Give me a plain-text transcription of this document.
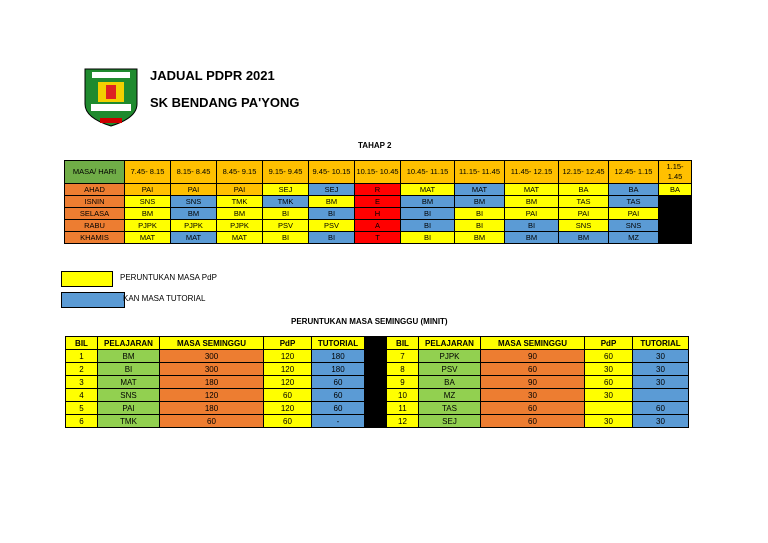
JADUAL PDPR 2021
SK BENDANG PA'YONG
TAHAP 2
MASA/ HARI	7.45- 8.15	8.15- 8.45	8.45- 9.15	9.15- 9.45	9.45- 10.15	10.15- 10.45	10.45- 11.15	11.15- 11.45	11.45- 12.15	12.15- 12.45	12.45- 1.15	1.15- 1.45
AHAD	PAI	PAI	PAI	SEJ	SEJ	R	MAT	MAT	MAT	BA	BA	BA
ISNIN	SNS	SNS	TMK	TMK	BM	E	BM	BM	BM	TAS	TAS	
SELASA	BM	BM	BM	BI	BI	H	BI	BI	PAI	PAI	PAI	
RABU	PJPK	PJPK	PJPK	PSV	PSV	A	BI	BI	BI	SNS	SNS	
KHAMIS	MAT	MAT	MAT	BI	BI	T	BI	BM	BM	BM	MZ	
PERUNTUKAN MASA PdP
KAN MASA TUTORIAL
PERUNTUKAN MASA SEMINGGU (MINIT)
BIL	PELAJARAN	MASA SEMINGGU	PdP	TUTORIAL		BIL	PELAJARAN	MASA SEMINGGU	PdP	TUTORIAL
1	BM	300	120	180		7	PJPK	90	60	30
2	BI	300	120	180		8	PSV	60	30	30
3	MAT	180	120	60		9	BA	90	60	30
4	SNS	120	60	60		10	MZ	30	30	
5	PAI	180	120	60		11	TAS	60		60
6	TMK	60	60	-		12	SEJ	60	30	30
